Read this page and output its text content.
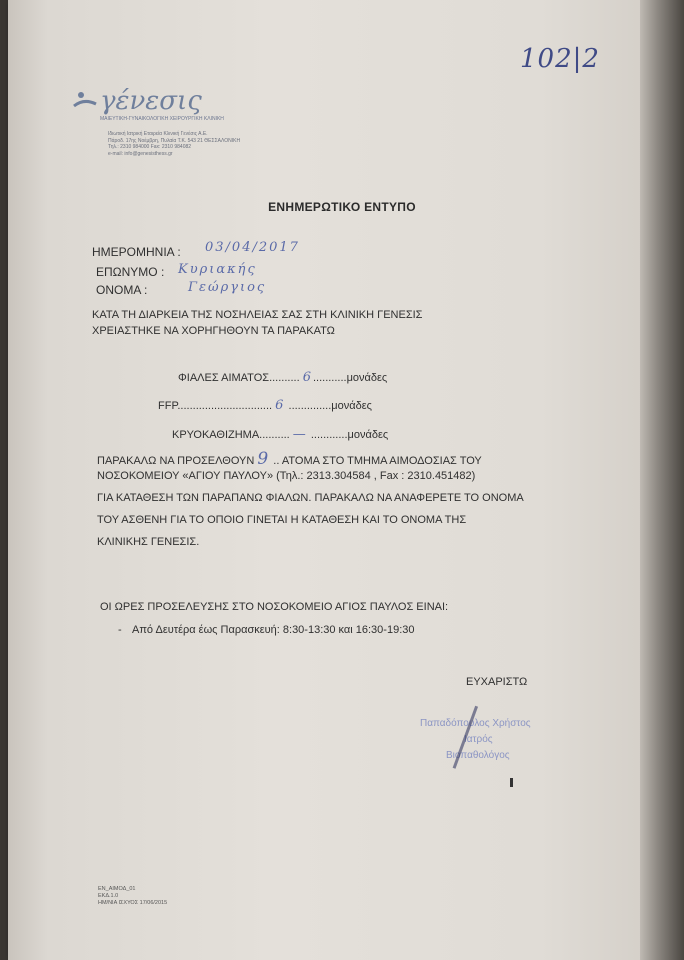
102|2
γένεσις
ΜΑΙΕΥΤΙΚΗ-ΓΥΝΑΙΚΟΛΟΓΙΚΗ ΧΕΙΡΟΥΡΓΙΚΗ ΚΛΙΝΙΚΗ
Ιδιωτική Ιατρική Εταιρεία Κλινική Γενέσις Α.Ε.
Πάροδ. 17ης Νοέμβρη, Πυλαία Τ.Κ. 543 21 ΘΕΣΣΑΛΟΝΙΚΗ
Τηλ.: 2310 984000 Fax: 2310 984082
e-mail: info@genesisthess.gr
ΕΝΗΜΕΡΩΤΙΚΟ ΕΝΤΥΠΟ
ΗΜΕΡΟΜΗΝΙΑ : 03/04/2017
ΕΠΩΝΥΜΟ : Κυριακής
ΟΝΟΜΑ :	Γεώργιος
ΚΑΤΑ ΤΗ ΔΙΑΡΚΕΙΑ ΤΗΣ ΝΟΣΗΛΕΙΑΣ ΣΑΣ ΣΤΗ ΚΛΙΝΙΚΗ ΓΕΝΕΣΙΣ
ΧΡΕΙΑΣΤΗΚΕ ΝΑ ΧΟΡΗΓΗΘΟΥΝ ΤΑ ΠΑΡΑΚΑΤΩ
ΦΙΑΛΕΣ ΑΙΜΑΤΟΣ.......... 6...........μονάδες
FFP............................... 6 ..............μονάδες
ΚΡΥΟΚΑΘΙΖΗΜΑ.......... — ............μονάδες
ΠΑΡΑΚΑΛΩ ΝΑ ΠΡΟΣΕΛΘΟΥΝ 9 .. ΑΤΟΜΑ ΣΤΟ ΤΜΗΜΑ ΑΙΜΟΔΟΣΙΑΣ ΤΟΥ
ΝΟΣΟΚΟΜΕΙΟΥ «ΑΓΙΟΥ ΠΑΥΛΟΥ» (Τηλ.: 2313.304584 , Fax : 2310.451482)
ΓΙΑ ΚΑΤΑΘΕΣΗ ΤΩΝ ΠΑΡΑΠΑΝΩ ΦΙΑΛΩΝ. ΠΑΡΑΚΑΛΩ ΝΑ ΑΝΑΦΕΡΕΤΕ ΤΟ ΟΝΟΜΑ
ΤΟΥ ΑΣΘΕΝΗ ΓΙΑ ΤΟ ΟΠΟΙΟ ΓΙΝΕΤΑΙ Η ΚΑΤΑΘΕΣΗ ΚΑΙ ΤΟ ΟΝΟΜΑ ΤΗΣ
ΚΛΙΝΙΚΗΣ ΓΕΝΕΣΙΣ.
ΟΙ ΩΡΕΣ ΠΡΟΣΕΛΕΥΣΗΣ ΣΤΟ ΝΟΣΟΚΟΜΕΙΟ ΑΓΙΟΣ ΠΑΥΛΟΣ ΕΙΝΑΙ:
- Από Δευτέρα έως Παρασκευή: 8:30-13:30 και 16:30-19:30
ΕΥΧΑΡΙΣΤΩ
Παπαδόπουλος Χρήστος
Ιατρός
Βιοπαθολόγος
ΕΝ_ΑΙΜΟΔ_01
ΕΚΔ.1.0
ΗΜ/ΝΙΑ ΙΣΧΥΟΣ 17/06/2015
